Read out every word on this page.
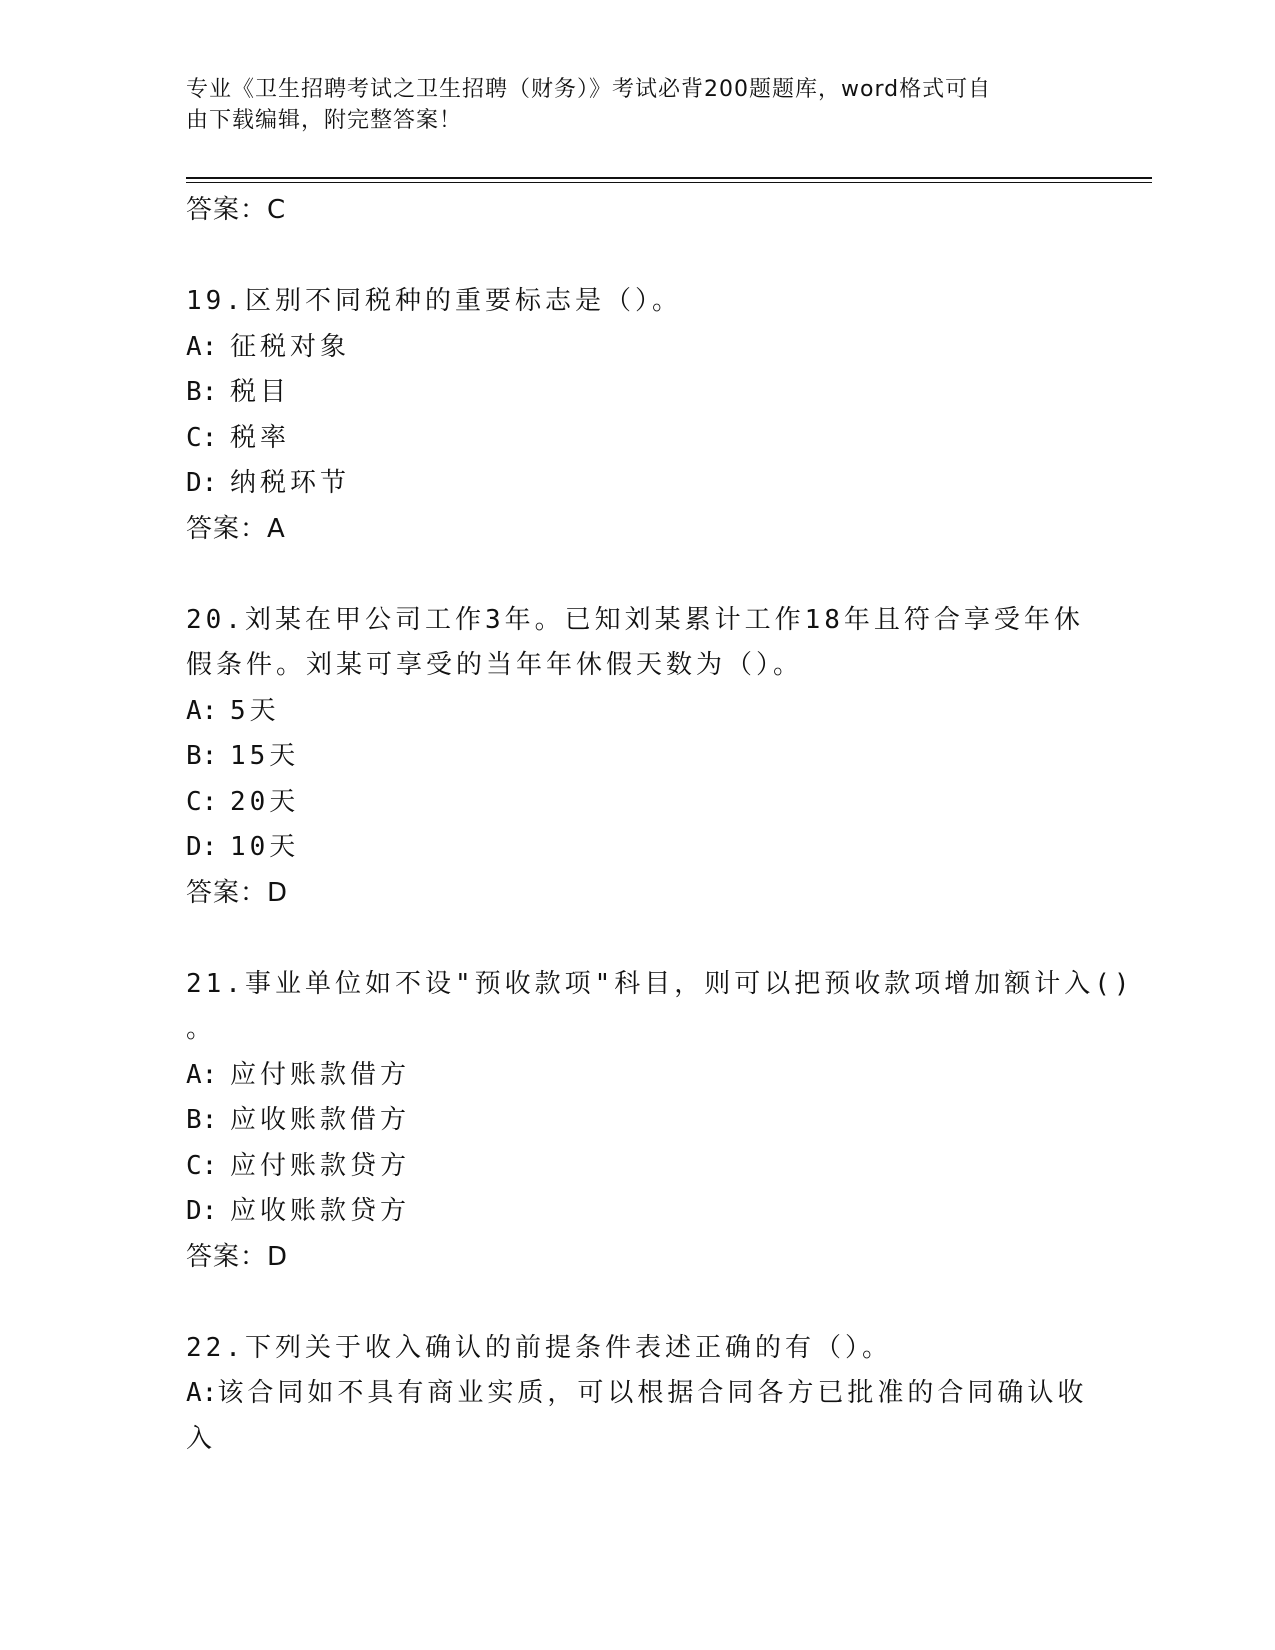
专业《卫生招聘考试之卫生招聘（财务）》考试必背200题题库，word格式可自
由下载编辑，附完整答案！
答案：C
19.区别不同税种的重要标志是（）。
A: 征税对象
B: 税目
C: 税率
D: 纳税环节
答案：A
20.刘某在甲公司工作3年。已知刘某累计工作18年且符合享受年休
假条件。刘某可享受的当年年休假天数为（）。
A: 5天
B: 15天
C: 20天
D: 10天
答案：D
21.事业单位如不设"预收款项"科目，则可以把预收款项增加额计入()
。
A: 应付账款借方
B: 应收账款借方
C: 应付账款贷方
D: 应收账款贷方
答案：D
22.下列关于收入确认的前提条件表述正确的有（）。
A: 该合同如不具有商业实质，可以根据合同各方已批准的合同确认收
入
